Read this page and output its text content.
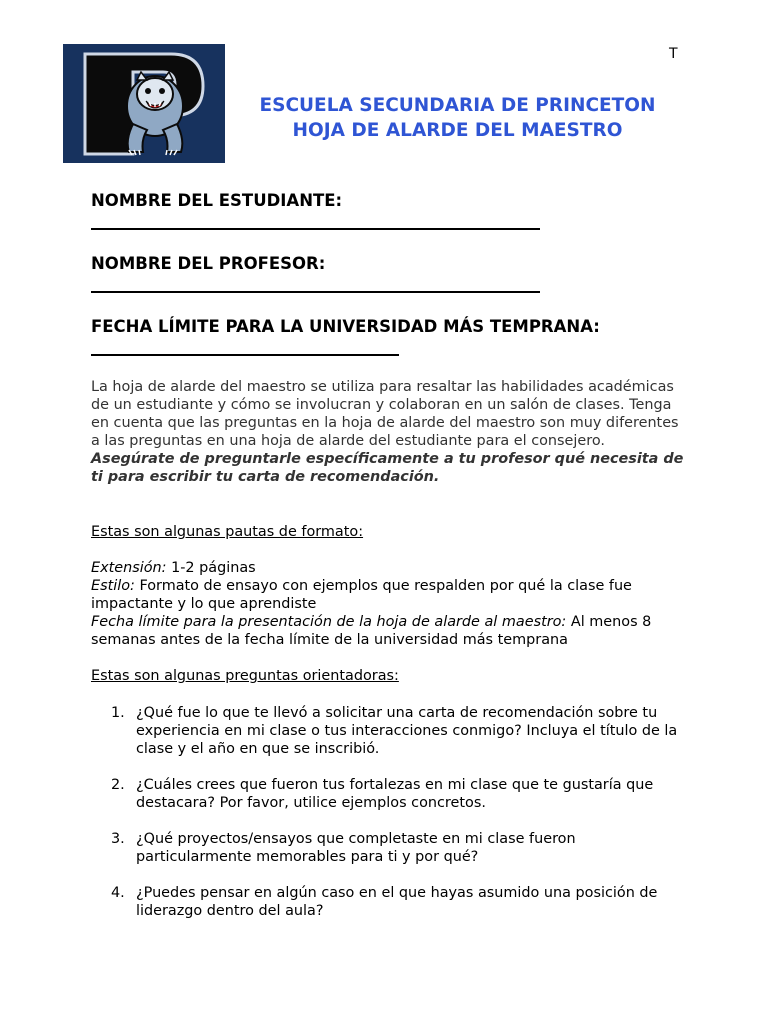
T
ESCUELA SECUNDARIA DE PRINCETON
HOJA DE ALARDE DEL MAESTRO
NOMBRE DEL ESTUDIANTE:
NOMBRE DEL PROFESOR:
FECHA LÍMITE PARA LA UNIVERSIDAD MÁS TEMPRANA:
La hoja de alarde del maestro se utiliza para resaltar las habilidades académicas de un estudiante y cómo se involucran y colaboran en un salón de clases. Tenga en cuenta que las preguntas en la hoja de alarde del maestro son muy diferentes a las preguntas en una hoja de alarde del estudiante para el consejero. Asegúrate de preguntarle específicamente a tu profesor qué necesita de ti para escribir tu carta de recomendación.
Estas son algunas pautas de formato:
Extensión: 1-2 páginas
Estilo: Formato de ensayo con ejemplos que respalden por qué la clase fue impactante y lo que aprendiste
Fecha límite para la presentación de la hoja de alarde al maestro: Al menos 8 semanas antes de la fecha límite de la universidad más temprana
Estas son algunas preguntas orientadoras:
1. ¿Qué fue lo que te llevó a solicitar una carta de recomendación sobre tu experiencia en mi clase o tus interacciones conmigo? Incluya el título de la clase y el año en que se inscribió.
2. ¿Cuáles crees que fueron tus fortalezas en mi clase que te gustaría que destacara? Por favor, utilice ejemplos concretos.
3. ¿Qué proyectos/ensayos que completaste en mi clase fueron particularmente memorables para ti y por qué?
4. ¿Puedes pensar en algún caso en el que hayas asumido una posición de liderazgo dentro del aula?
